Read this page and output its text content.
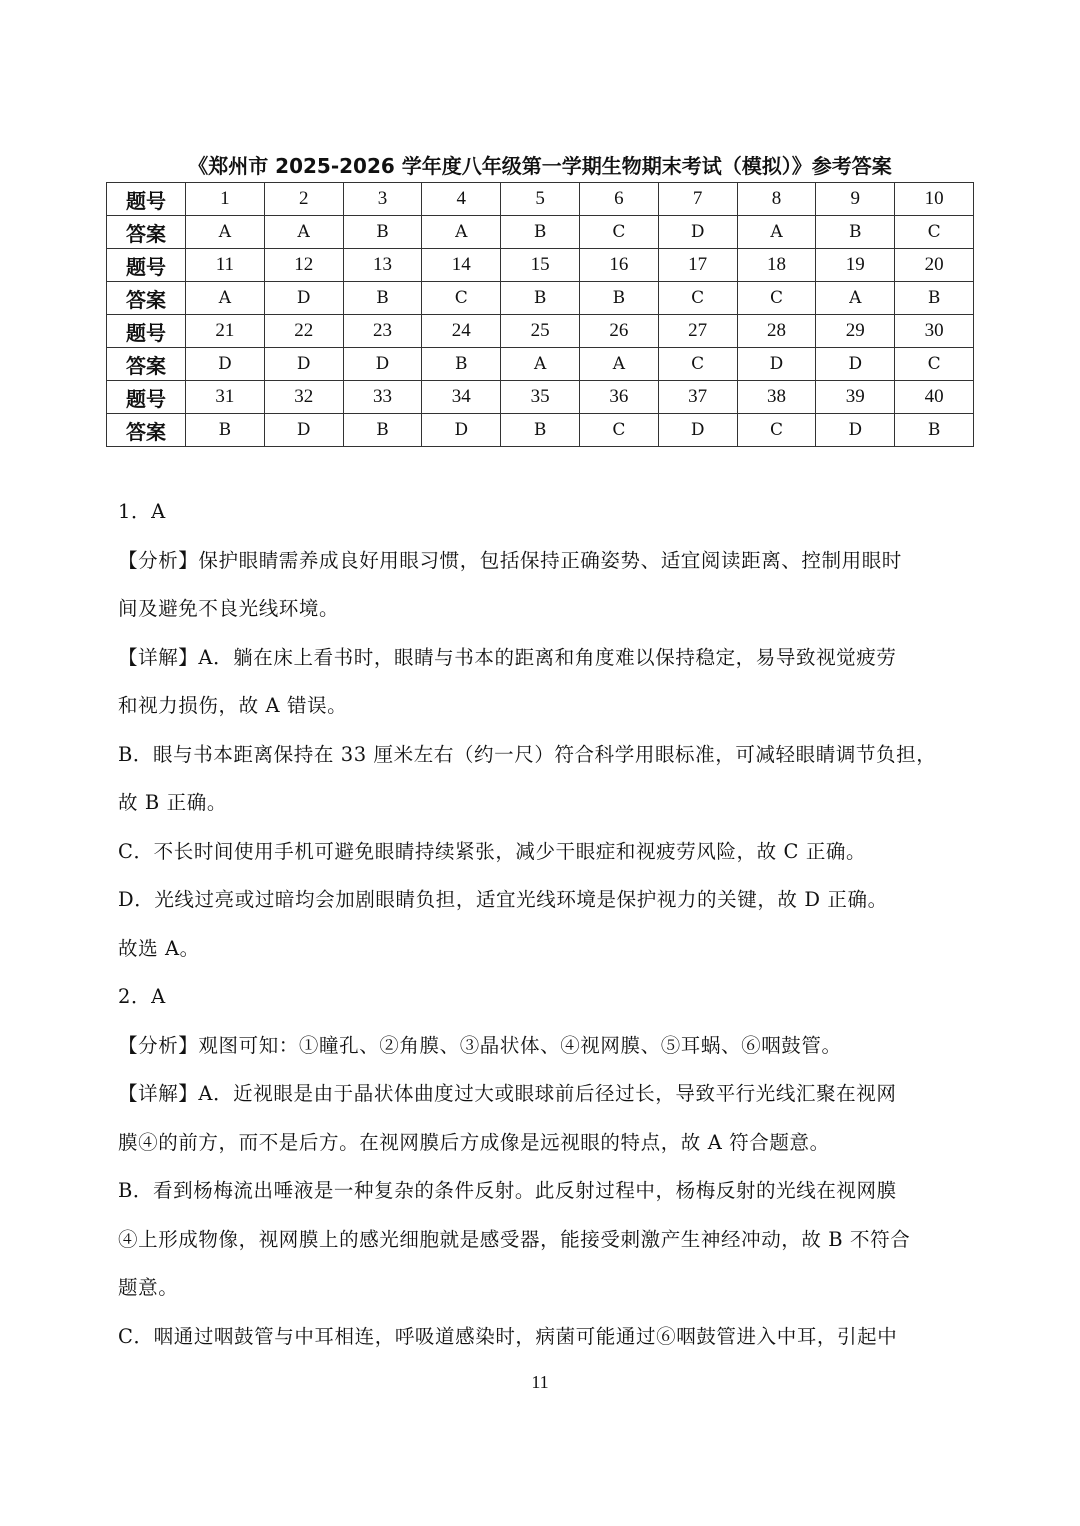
《郑州市 2025-2026 学年度八年级第一学期生物期末考试（模拟）》参考答案
题号	1	2	3	4	5	6	7	8	9	10
答案	A	A	B	A	B	C	D	A	B	C
题号	11	12	13	14	15	16	17	18	19	20
答案	A	D	B	C	B	B	C	C	A	B
题号	21	22	23	24	25	26	27	28	29	30
答案	D	D	D	B	A	A	C	D	D	C
题号	31	32	33	34	35	36	37	38	39	40
答案	B	D	B	D	B	C	D	C	D	B
1．A
【分析】保护眼睛需养成良好用眼习惯，包括保持正确姿势、适宜阅读距离、控制用眼时
间及避免不良光线环境。
【详解】A．躺在床上看书时，眼睛与书本的距离和角度难以保持稳定，易导致视觉疲劳
和视力损伤，故 A 错误。
B．眼与书本距离保持在 33 厘米左右（约一尺）符合科学用眼标准，可减轻眼睛调节负担，
故 B 正确。
C．不长时间使用手机可避免眼睛持续紧张，减少干眼症和视疲劳风险，故 C 正确。
D．光线过亮或过暗均会加剧眼睛负担，适宜光线环境是保护视力的关键，故 D 正确。
故选 A。
2．A
【分析】观图可知：①瞳孔、②角膜、③晶状体、④视网膜、⑤耳蜗、⑥咽鼓管。
【详解】A．近视眼是由于晶状体曲度过大或眼球前后径过长，导致平行光线汇聚在视网
膜④的前方，而不是后方。在视网膜后方成像是远视眼的特点，故 A 符合题意。
B．看到杨梅流出唾液是一种复杂的条件反射。此反射过程中，杨梅反射的光线在视网膜
④上形成物像，视网膜上的感光细胞就是感受器，能接受刺激产生神经冲动，故 B 不符合
题意。
C．咽通过咽鼓管与中耳相连，呼吸道感染时，病菌可能通过⑥咽鼓管进入中耳，引起中
11
